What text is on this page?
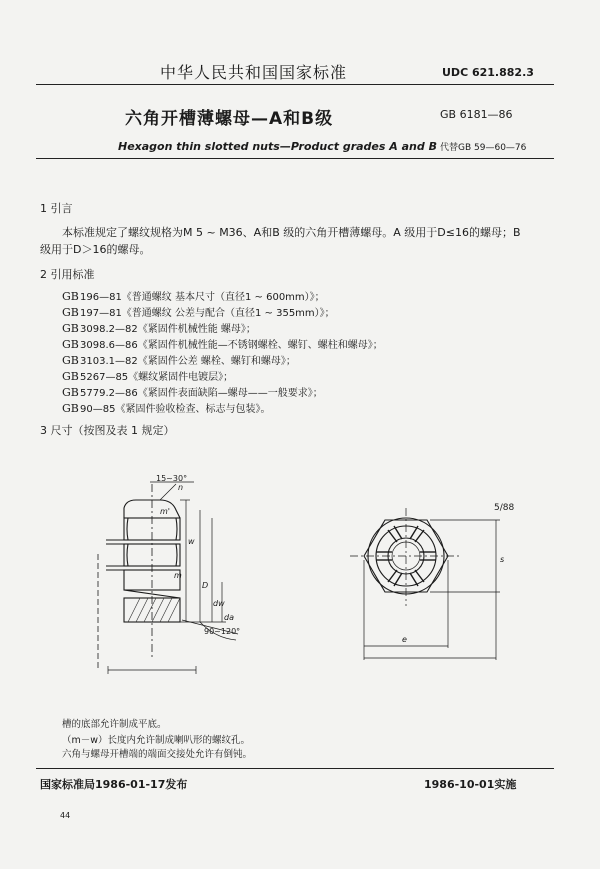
中华人民共和国国家标准	UDC 621.882.3
六角开槽薄螺母—A和B级	GB 6181—86
Hexagon thin slotted nuts—Product grades A and B 代替GB 59—60—76
1 引言
本标准规定了螺纹规格为M 5 ~ M36、A和B 级的六角开槽薄螺母。A 级用于D≤16的螺母；B
级用于D＞16的螺母。
2 引用标准
GB196—81《普通螺纹 基本尺寸（直径1 ~ 600mm）》；
GB197—81《普通螺纹 公差与配合（直径1 ~ 355mm）》；
GB3098.2—82《紧固件机械性能 螺母》；
GB3098.6—86《紧固件机械性能—不锈钢螺栓、螺钉、螺柱和螺母》；
GB3103.1—82《紧固件公差 螺栓、螺钉和螺母》；
GB5267—85《螺纹紧固件电镀层》；
GB5779.2—86《紧固件表面缺陷—螺母——一般要求》；
GB90—85《紧固件验收检查、标志与包装》。
3 尺寸（按图及表 1 规定）
15~30°
m'
w
m
n
D
dw
da
90~120°
e
s
5/88
槽的底部允许制成平底。
（m－w）长度内允许制成喇叭形的螺纹孔。
六角与螺母开槽端的端面交接处允许有倒钝。
国家标准局1986-01-17发布	1986-10-01实施
44
